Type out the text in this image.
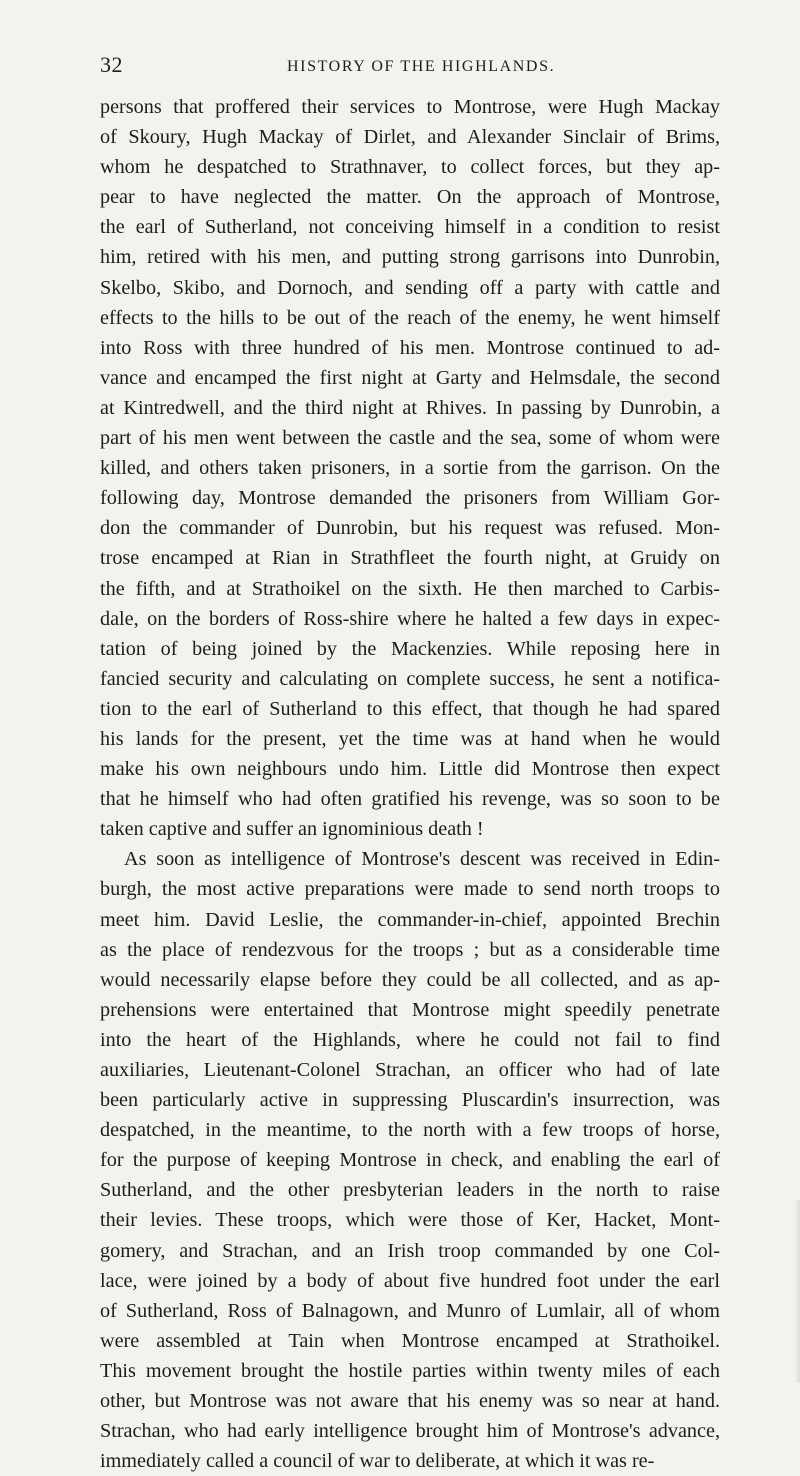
32	HISTORY OF THE HIGHLANDS.
persons that proffered their services to Montrose, were Hugh Mackay
of Skoury, Hugh Mackay of Dirlet, and Alexander Sinclair of Brims,
whom he despatched to Strathnaver, to collect forces, but they ap-
pear to have neglected the matter. On the approach of Montrose,
the earl of Sutherland, not conceiving himself in a condition to resist
him, retired with his men, and putting strong garrisons into Dunrobin,
Skelbo, Skibo, and Dornoch, and sending off a party with cattle and
effects to the hills to be out of the reach of the enemy, he went himself
into Ross with three hundred of his men. Montrose continued to ad-
vance and encamped the first night at Garty and Helmsdale, the second
at Kintredwell, and the third night at Rhives. In passing by Dunrobin, a
part of his men went between the castle and the sea, some of whom were
killed, and others taken prisoners, in a sortie from the garrison. On the
following day, Montrose demanded the prisoners from William Gor-
don the commander of Dunrobin, but his request was refused. Mon-
trose encamped at Rian in Strathfleet the fourth night, at Gruidy on
the fifth, and at Strathoikel on the sixth. He then marched to Carbis-
dale, on the borders of Ross-shire where he halted a few days in expec-
tation of being joined by the Mackenzies. While reposing here in
fancied security and calculating on complete success, he sent a notifica-
tion to the earl of Sutherland to this effect, that though he had spared
his lands for the present, yet the time was at hand when he would
make his own neighbours undo him. Little did Montrose then expect
that he himself who had often gratified his revenge, was so soon to be
taken captive and suffer an ignominious death !
As soon as intelligence of Montrose's descent was received in Edin-
burgh, the most active preparations were made to send north troops to
meet him. David Leslie, the commander-in-chief, appointed Brechin
as the place of rendezvous for the troops ; but as a considerable time
would necessarily elapse before they could be all collected, and as ap-
prehensions were entertained that Montrose might speedily penetrate
into the heart of the Highlands, where he could not fail to find
auxiliaries, Lieutenant-Colonel Strachan, an officer who had of late
been particularly active in suppressing Pluscardin's insurrection, was
despatched, in the meantime, to the north with a few troops of horse,
for the purpose of keeping Montrose in check, and enabling the earl of
Sutherland, and the other presbyterian leaders in the north to raise
their levies. These troops, which were those of Ker, Hacket, Mont-
gomery, and Strachan, and an Irish troop commanded by one Col-
lace, were joined by a body of about five hundred foot under the earl
of Sutherland, Ross of Balnagown, and Munro of Lumlair, all of whom
were assembled at Tain when Montrose encamped at Strathoikel.
This movement brought the hostile parties within twenty miles of each
other, but Montrose was not aware that his enemy was so near at hand.
Strachan, who had early intelligence brought him of Montrose's advance,
immediately called a council of war to deliberate, at which it was re-
